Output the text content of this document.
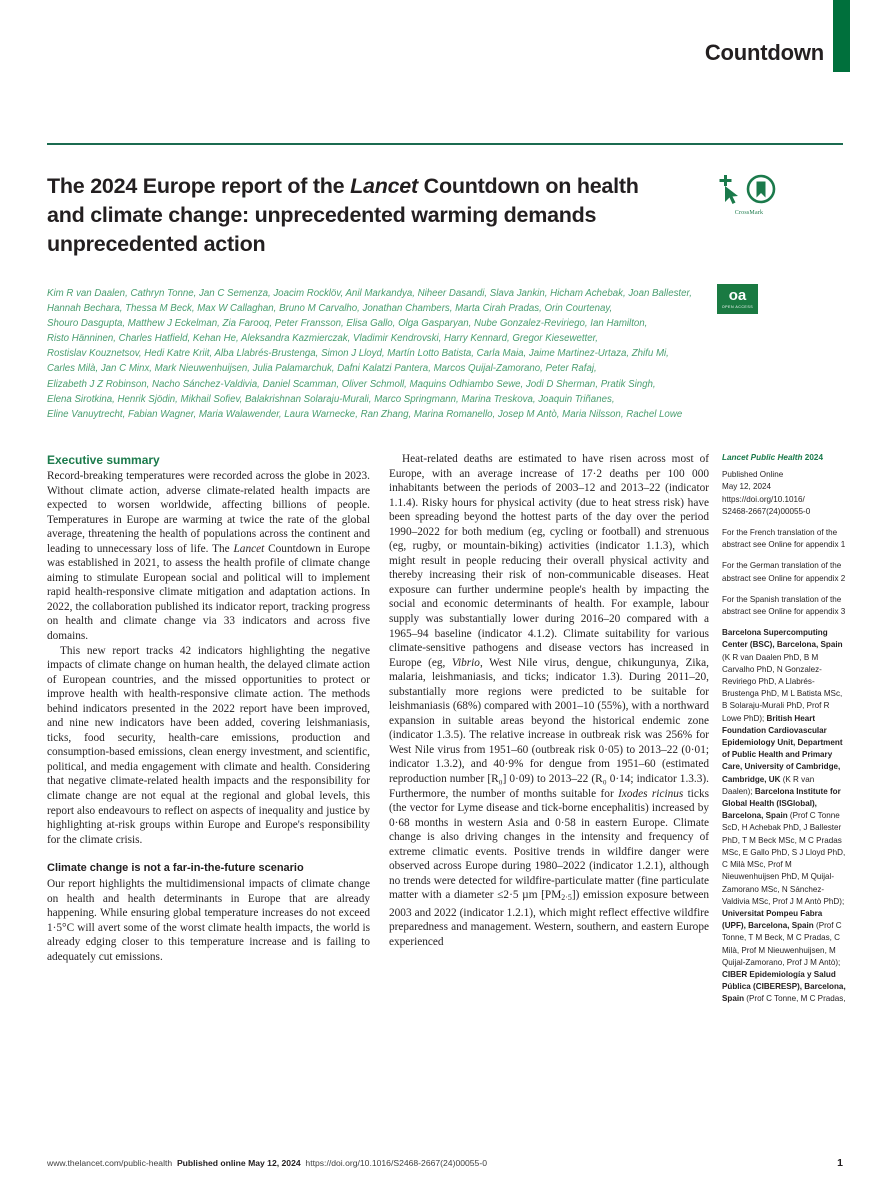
Countdown
The 2024 Europe report of the Lancet Countdown on health
and climate change: unprecedented warming demands
unprecedented action
CrossMark
oa
OPEN ACCESS
Kim R van Daalen, Cathryn Tonne, Jan C Semenza, Joacim Rocklöv, Anil Markandya, Niheer Dasandi, Slava Jankin, Hicham Achebak, Joan Ballester,
Hannah Bechara, Thessa M Beck, Max W Callaghan, Bruno M Carvalho, Jonathan Chambers, Marta Cirah Pradas, Orin Courtenay,
Shouro Dasgupta, Matthew J Eckelman, Zia Farooq, Peter Fransson, Elisa Gallo, Olga Gasparyan, Nube Gonzalez-Reviriego, Ian Hamilton,
Risto Hänninen, Charles Hatfield, Kehan He, Aleksandra Kazmierczak, Vladimir Kendrovski, Harry Kennard, Gregor Kiesewetter,
Rostislav Kouznetsov, Hedi Katre Kriit, Alba Llabrés-Brustenga, Simon J Lloyd, Martín Lotto Batista, Carla Maia, Jaime Martinez-Urtaza, Zhifu Mi,
Carles Milà, Jan C Minx, Mark Nieuwenhuijsen, Julia Palamarchuk, Dafni Kalatzi Pantera, Marcos Quijal-Zamorano, Peter Rafaj,
Elizabeth J Z Robinson, Nacho Sánchez-Valdivia, Daniel Scamman, Oliver Schmoll, Maquins Odhiambo Sewe, Jodi D Sherman, Pratik Singh,
Elena Sirotkina, Henrik Sjödin, Mikhail Sofiev, Balakrishnan Solaraju-Murali, Marco Springmann, Marina Treskova, Joaquin Triñanes,
Eline Vanuytrecht, Fabian Wagner, Maria Walawender, Laura Warnecke, Ran Zhang, Marina Romanello, Josep M Antò, Maria Nilsson, Rachel Lowe
Executive summary

Record-breaking temperatures were recorded across the globe in 2023. Without climate action, adverse climate-related health impacts are expected to worsen worldwide, affecting billions of people. Temperatures in Europe are warming at twice the rate of the global average, threatening the health of populations across the continent and leading to unnecessary loss of life. The Lancet Countdown in Europe was established in 2021, to assess the health profile of climate change aiming to stimulate European social and political will to implement rapid health-responsive climate mitigation and adaptation actions. In 2022, the collaboration published its indicator report, tracking progress on health and climate change via 33 indicators and across five domains.

This new report tracks 42 indicators highlighting the negative impacts of climate change on human health, the delayed climate action of European countries, and the missed opportunities to protect or improve health with health-responsive climate action. The methods behind indicators presented in the 2022 report have been improved, and nine new indicators have been added, covering leishmaniasis, ticks, food security, health-care emissions, production and consumption-based emissions, clean energy investment, and scientific, political, and media engagement with climate and health. Considering that negative climate-related health impacts and the responsibility for climate change are not equal at the regional and global levels, this report also endeavours to reflect on aspects of inequality and justice by highlighting at-risk groups within Europe and Europe's responsibility for the climate crisis.

Climate change is not a far-in-the-future scenario

Our report highlights the multidimensional impacts of climate change on health and health determinants in Europe that are already happening. While ensuring global temperature increases do not exceed 1·5°C will avert some of the worst climate health impacts, the world is already edging closer to this temperature increase and is failing to adequately cut emissions.

Heat-related deaths are estimated to have risen across most of Europe, with an average increase of 17·2 deaths per 100 000 inhabitants between the periods of 2003–12 and 2013–22 (indicator 1.1.4). Risky hours for physical activity (due to heat stress risk) have been spreading beyond the hottest parts of the day over the period 1990–2022 for both medium (eg, cycling or football) and strenuous (eg, rugby, or mountain-biking) activities (indicator 1.1.3), which might result in people reducing their overall physical activity and thereby increasing their risk of non-communicable diseases. Heat exposure can further undermine people's health by impacting the social and economic determinants of health. For example, labour supply was substantially lower during 2016–20 compared with a 1965–94 baseline (indicator 4.1.2). Climate suitability for various climate-sensitive pathogens and disease vectors has increased in Europe (eg, Vibrio, West Nile virus, dengue, chikungunya, Zika, malaria, leishmaniasis, and ticks; indicator 1.3). During 2011–20, substantially more regions were predicted to be suitable for leishmaniasis (68%) compared with 2001–10 (55%), with a northward expansion in suitable areas beyond the historical endemic zone (indicator 1.3.5). The relative increase in outbreak risk was 256% for West Nile virus from 1951–60 (outbreak risk 0·05) to 2013–22 (0·01; indicator 1.3.2), and 40·9% for dengue from 1951–60 (estimated reproduction number [R₀] 0·09) to 2013–22 (R₀ 0·14; indicator 1.3.3). Furthermore, the number of months suitable for Ixodes ricinus ticks (the vector for Lyme disease and tick-borne encephalitis) increased by 0·68 months in western Asia and 0·58 in eastern Europe. Climate change is also driving changes in the intensity and frequency of extreme climatic events. Positive trends in wildfire danger were observed across Europe during 1980–2022 (indicator 1.2.1), although no trends were detected for wildfire-particulate matter (fine particulate matter with a diameter ≤2·5 µm $[PM_{2\cdot 5}]$) emission exposure between 2003 and 2022 (indicator 1.2.1), which might reflect effective wildfire preparedness and management. Western, southern, and eastern Europe experienced

Lancet Public Health 2024
Published Online
May 12, 2024
https://doi.org/10.1016/
S2468-2667(24)00055-0
For the French translation of the abstract see Online for appendix 1
For the German translation of the abstract see Online for appendix 2
For the Spanish translation of the abstract see Online for appendix 3
Barcelona Supercomputing Center (BSC), Barcelona, Spain (K R van Daalen PhD, B M Carvalho PhD, N Gonzalez-Reviriego PhD, A Llabrés-Brustenga PhD, M L Batista MSc, B Solaraju-Murali PhD, Prof R Lowe PhD); British Heart Foundation Cardiovascular Epidemiology Unit, Department of Public Health and Primary Care, University of Cambridge, Cambridge, UK (K R van Daalen); Barcelona Institute for Global Health (ISGlobal), Barcelona, Spain (Prof C Tonne ScD, H Achebak PhD, J Ballester PhD, T M Beck MSc, M C Pradas MSc, E Gallo PhD, S J Lloyd PhD, C Milà MSc, Prof M Nieuwenhuijsen PhD, M Quijal-Zamorano MSc, N Sánchez-Valdivia MSc, Prof J M Antò PhD); Universitat Pompeu Fabra (UPF), Barcelona, Spain (Prof C Tonne, T M Beck, M C Pradas, C Milà, Prof M Nieuwenhuijsen, M Quijal-Zamorano, Prof J M Antò); CIBER Epidemiología y Salud Pública (CIBERESP), Barcelona, Spain (Prof C Tonne, M C Pradas,
www.thelancet.com/public-health Published online May 12, 2024 https://doi.org/10.1016/S2468-2667(24)00055-0	1
